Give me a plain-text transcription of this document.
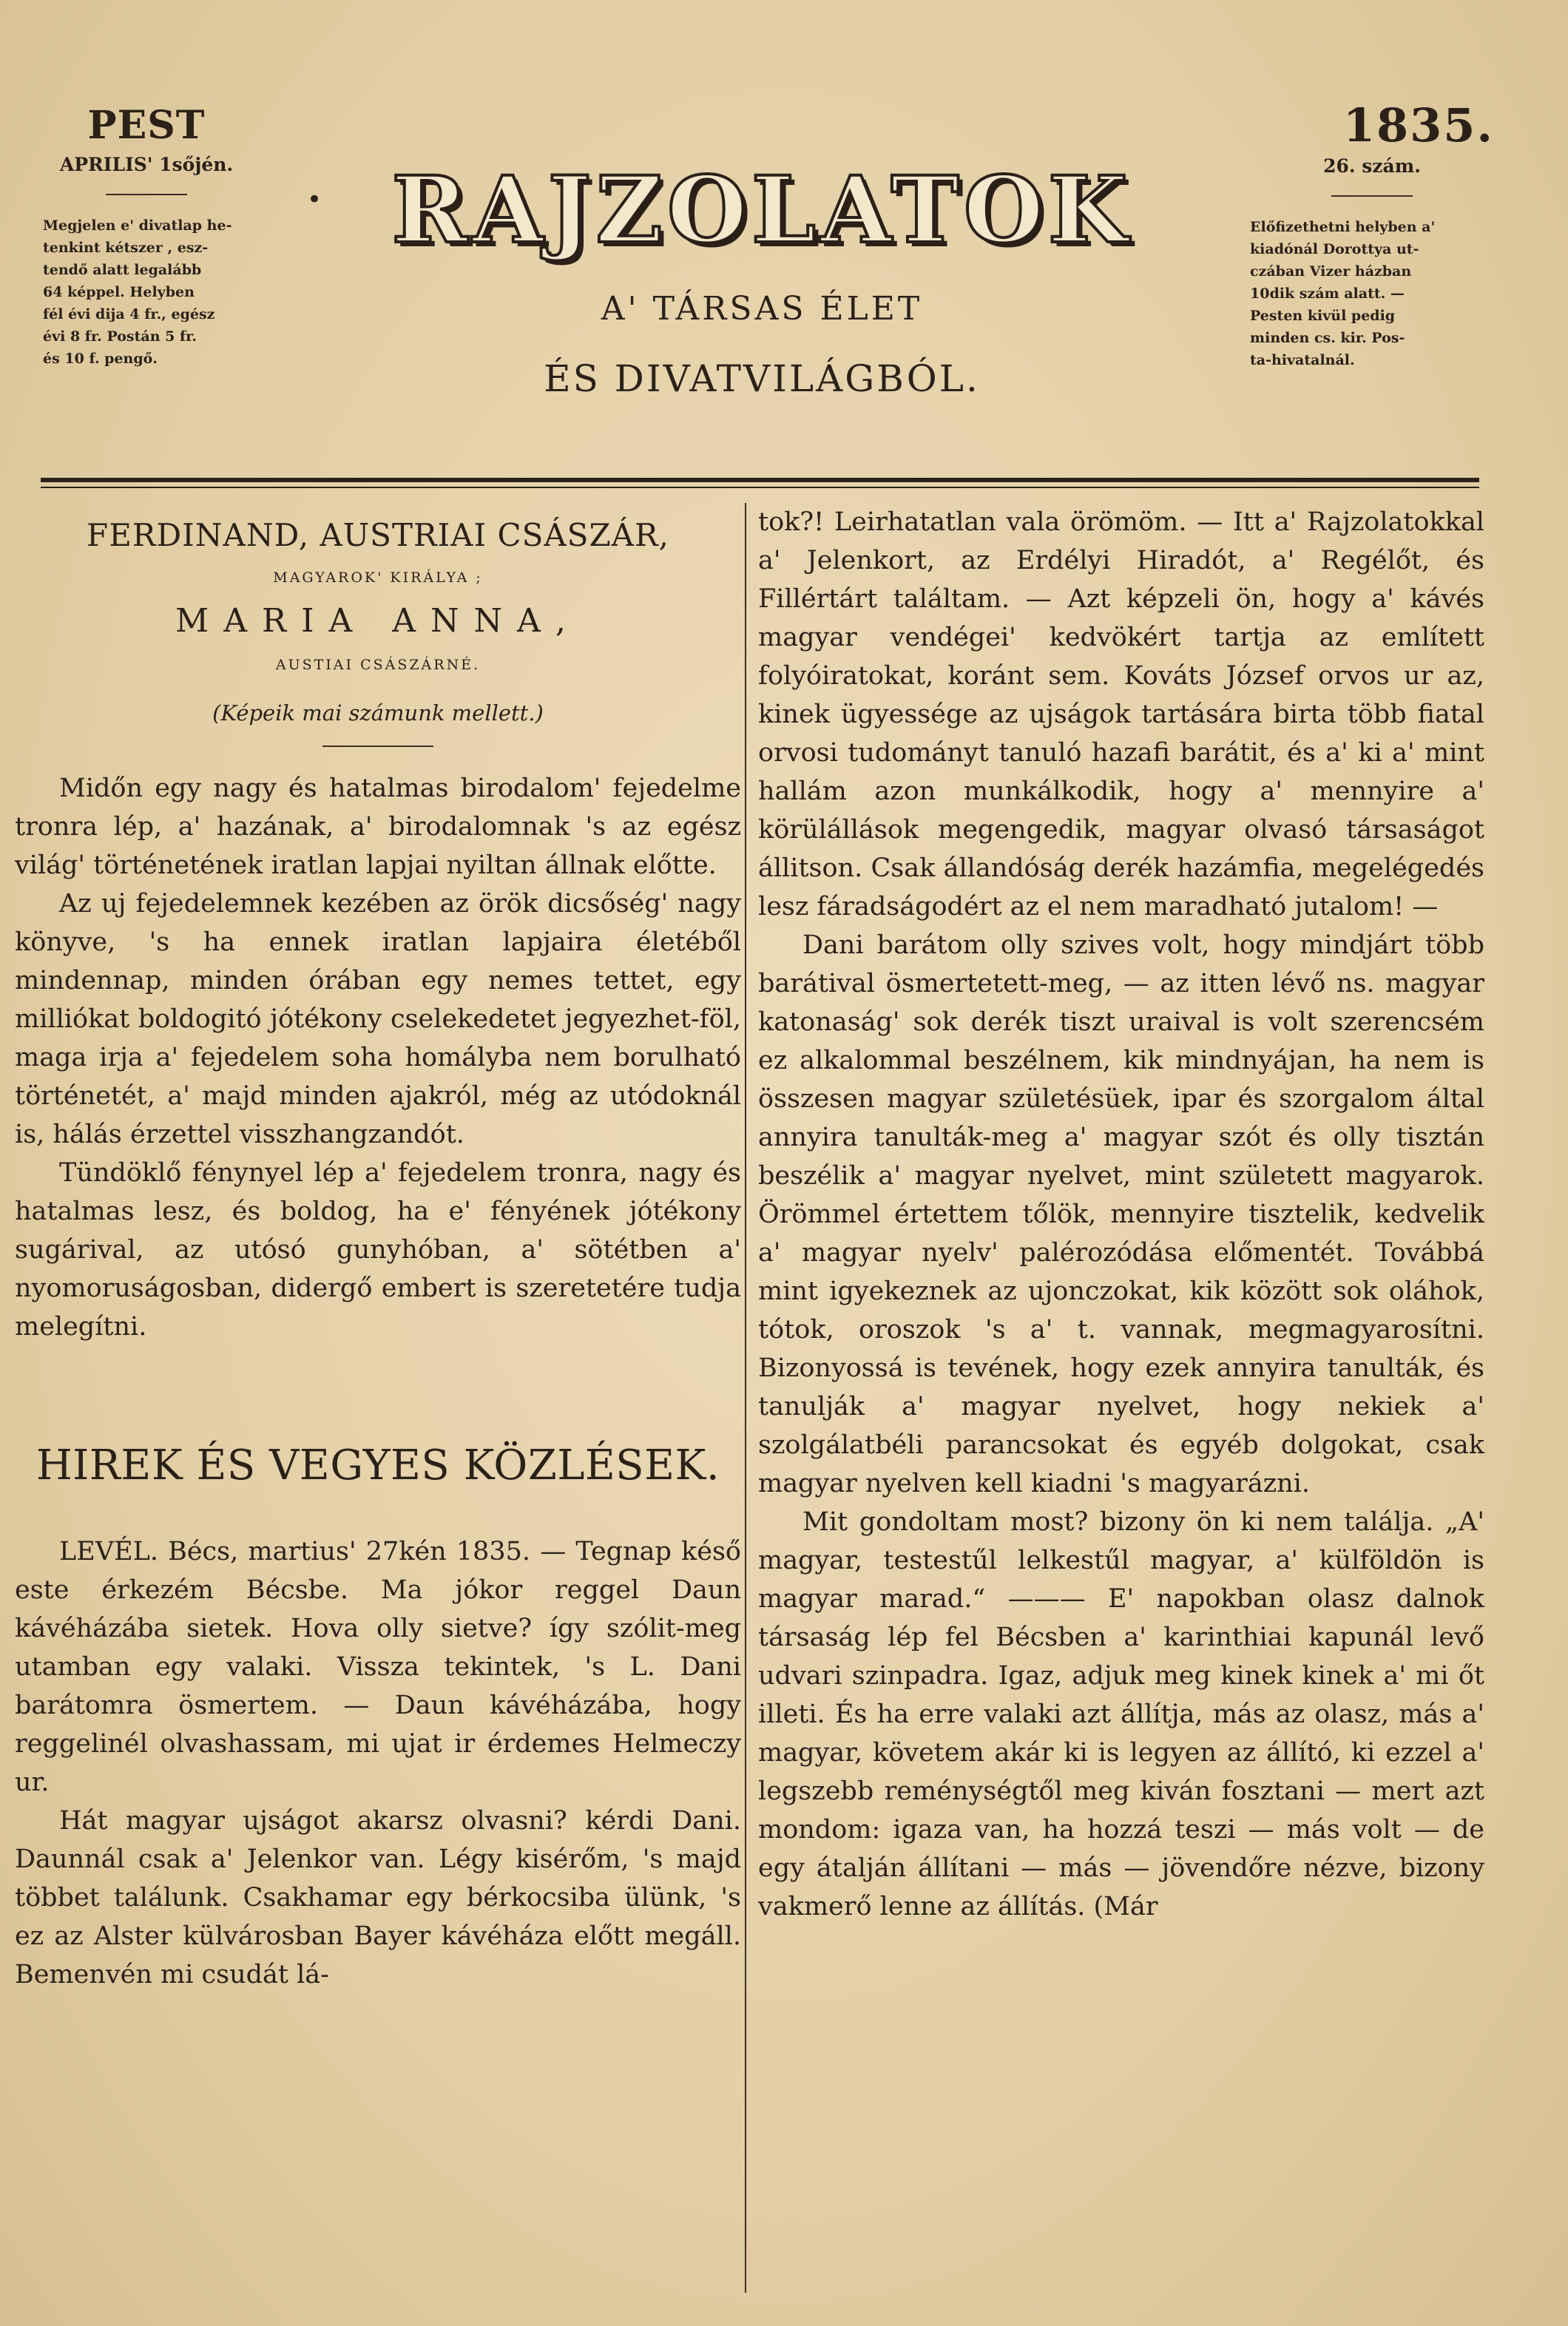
PEST
APRILIS' 1sőjén.
Megjelen e' divatlap he-
tenkint kétszer , esz-
tendő alatt legalább
64 képpel. Helyben
fél évi dija 4 fr., egész
évi 8 fr. Postán 5 fr.
és 10 f. pengő.
• RAJZOLATOK
A' TÁRSAS ÉLET
ÉS DIVATVILÁGBÓL.
1835.
26. szám.
Előfizethetni helyben a'
kiadónál Dorottya ut-
czában Vizer házban
10dik szám alatt. —
Pesten kivül pedig
minden cs. kir. Pos-
ta-hivatalnál.
FERDINAND, AUSTRIAI CSÁSZÁR,
MAGYAROK' KIRÁLYA ;
MARIA ANNA,
AUSTIAI CSÁSZÁRNÉ.
(Képeik mai számunk mellett.)

Midőn egy nagy és hatalmas birodalom' fejedelme tronra lép, a' hazának, a' birodalomnak 's az egész világ' történetének iratlan lapjai nyiltan állnak előtte.

Az uj fejedelemnek kezében az örök dicsőség' nagy könyve, 's ha ennek iratlan lapjaira életéből mindennap, minden órában egy nemes tettet, egy milliókat boldogitó jótékony cselekedetet jegyezhet-föl, maga irja a' fejedelem soha homályba nem borulható történetét, a' majd minden ajakról, még az utódoknál is, hálás érzettel visszhangzandót.

Tündöklő fénynyel lép a' fejedelem tronra, nagy és hatalmas lesz, és boldog, ha e' fényének jótékony sugárival, az utósó gunyhóban, a' sötétben a' nyomoruságosban, didergő embert is szeretetére tudja melegítni.

HIREK ÉS VEGYES KÖZLÉSEK.

LEVÉL. Bécs, martius' 27kén 1835. — Tegnap késő este érkezém Bécsbe. Ma jókor reggel Daun kávéházába sietek. Hova olly sietve? így szólit-meg utamban egy valaki. Vissza tekintek, 's L. Dani barátomra ösmertem. — Daun kávéházába, hogy reggelinél olvashassam, mi ujat ir érdemes Helmeczy ur.

Hát magyar ujságot akarsz olvasni? kérdi Dani. Daunnál csak a' Jelenkor van. Légy kisérőm, 's majd többet találunk. Csakhamar egy bérkocsiba ülünk, 's ez az Alster külvárosban Bayer kávéháza előtt megáll. Bemenvén mi csudát lá-

tok?! Leirhatatlan vala örömöm. — Itt a' Rajzolatokkal a' Jelenkort, az Erdélyi Hiradót, a' Regélőt, és Fillértárt találtam. — Azt képzeli ön, hogy a' kávés magyar vendégei' kedvökért tartja az említett folyóiratokat, koránt sem. Kováts József orvos ur az, kinek ügyessége az ujságok tartására birta több fiatal orvosi tudományt tanuló hazafi barátit, és a' ki a' mint hallám azon munkálkodik, hogy a' mennyire a' körülállások megengedik, magyar olvasó társaságot állitson. Csak állandóság derék hazámfia, megelégedés lesz fáradságodért az el nem maradható jutalom! —

Dani barátom olly szives volt, hogy mindjárt több barátival ösmertetett-meg, — az itten lévő ns. magyar katonaság' sok derék tiszt uraival is volt szerencsém ez alkalommal beszélnem, kik mindnyájan, ha nem is összesen magyar születésüek, ipar és szorgalom által annyira tanulták-meg a' magyar szót és olly tisztán beszélik a' magyar nyelvet, mint született magyarok. Örömmel értettem tőlök, mennyire tisztelik, kedvelik a' magyar nyelv' palérozódása előmentét. Továbbá mint igyekeznek az ujonczokat, kik között sok oláhok, tótok, oroszok 's a' t. vannak, megmagyarosítni. Bizonyossá is tevének, hogy ezek annyira tanulták, és tanulják a' magyar nyelvet, hogy nekiek a' szolgálatbéli parancsokat és egyéb dolgokat, csak magyar nyelven kell kiadni 's magyarázni.

Mit gondoltam most? bizony ön ki nem találja. „A' magyar, testestűl lelkestűl magyar, a' külföldön is magyar marad.“ ——— E' napokban olasz dalnok társaság lép fel Bécsben a' karinthiai kapunál levő udvari szinpadra. Igaz, adjuk meg kinek kinek a' mi őt illeti. És ha erre valaki azt állítja, más az olasz, más a' magyar, követem akár ki is legyen az állító, ki ezzel a' legszebb reménységtől meg kiván fosztani — mert azt mondom: igaza van, ha hozzá teszi — más volt — de egy átalján állítani — más — jövendőre nézve, bizony vakmerő lenne az állítás. (Már
